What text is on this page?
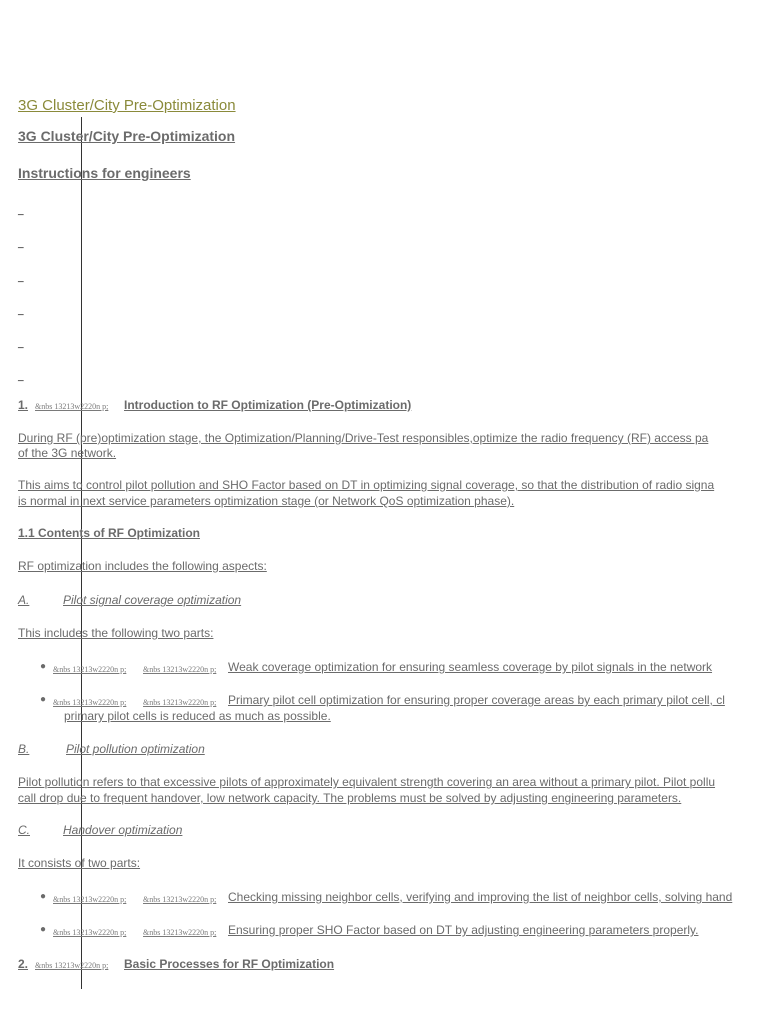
3G Cluster/City Pre-Optimization
3G Cluster/City Pre-Optimization
Instructions for engineers
_
_
_
_
_
_
1. &nbs 13213w2220n p; Introduction to RF Optimization (Pre-Optimization)
During RF (pre)optimization stage, the Optimization/Planning/Drive-Test responsibles,optimize the radio frequency (RF) access pa
of the 3G network.
This aims to control pilot pollution and SHO Factor based on DT in optimizing signal coverage, so that the distribution of radio signa
is normal in next service parameters optimization stage (or Network QoS optimization phase).
1.1 Contents of RF Optimization
RF optimization includes the following aspects:
A.	Pilot signal coverage optimization
This includes the following two parts:
● &nbs 13213w2220n p; &nbs 13213w2220n p; Weak coverage optimization for ensuring seamless coverage by pilot signals in the network
● &nbs 13213w2220n p; &nbs 13213w2220n p; Primary pilot cell optimization for ensuring proper coverage areas by each primary pilot cell, cl
primary pilot cells is reduced as much as possible.
B.	Pilot pollution optimization
Pilot pollution refers to that excessive pilots of approximately equivalent strength covering an area without a primary pilot. Pilot pollu
call drop due to frequent handover, low network capacity. The problems must be solved by adjusting engineering parameters.
C.	Handover optimization
It consists of two parts:
● &nbs 13213w2220n p; &nbs 13213w2220n p; Checking missing neighbor cells, verifying and improving the list of neighbor cells, solving hand
● &nbs 13213w2220n p; &nbs 13213w2220n p; Ensuring proper SHO Factor based on DT by adjusting engineering parameters properly.
2. &nbs 13213w2220n p; Basic Processes for RF Optimization
